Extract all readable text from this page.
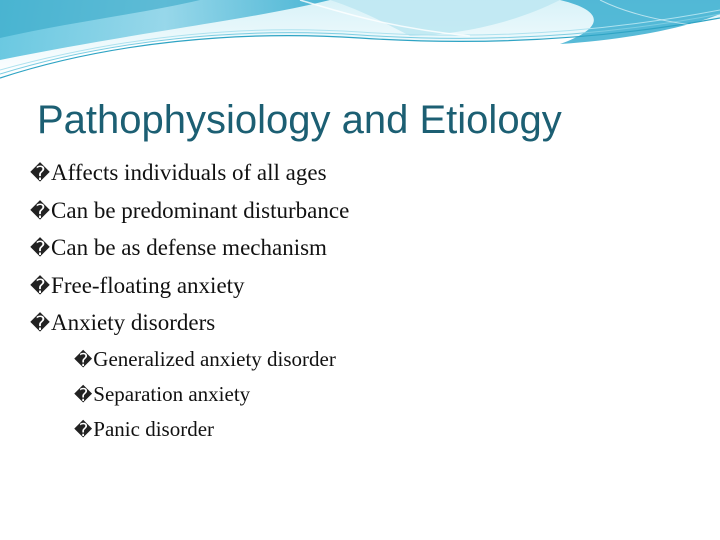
Pathophysiology and Etiology
� Affects individuals of all ages
� Can be predominant disturbance
� Can be as defense mechanism
� Free-floating anxiety
� Anxiety disorders
� Generalized anxiety disorder
� Separation anxiety
� Panic disorder
